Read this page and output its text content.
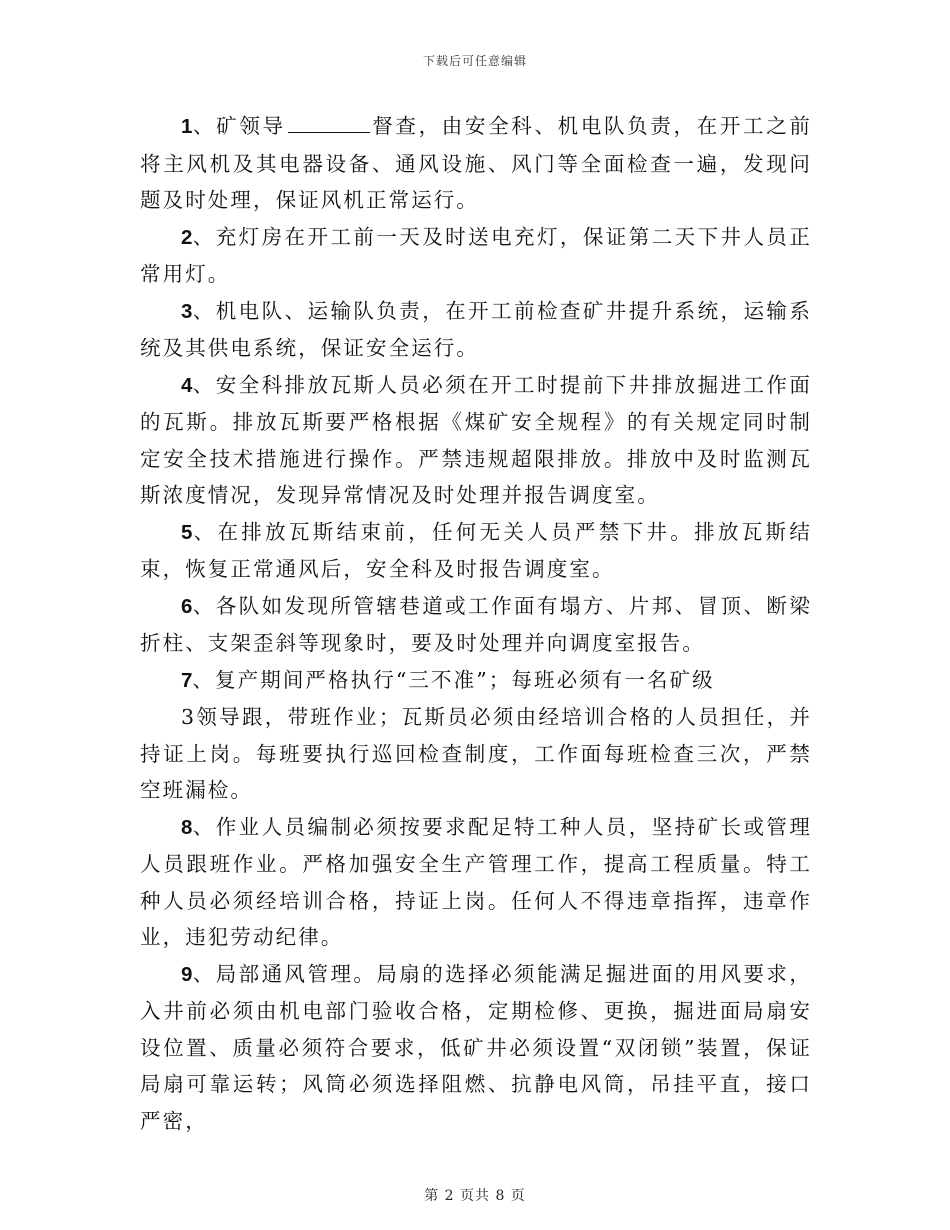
下载后可任意编辑

1、矿领导	督查，由安全科、机电队负责，在开工之前将主风机及其电器设备、通风设施、风门等全面检查一遍，发现问题及时处理，保证风机正常运行。

2、充灯房在开工前一天及时送电充灯，保证第二天下井人员正常用灯。

3、机电队、运输队负责，在开工前检查矿井提升系统，运输系统及其供电系统，保证安全运行。

4、安全科排放瓦斯人员必须在开工时提前下井排放掘进工作面的瓦斯。排放瓦斯要严格根据《煤矿安全规程》的有关规定同时制定安全技术措施进行操作。严禁违规超限排放。排放中及时监测瓦斯浓度情况，发现异常情况及时处理并报告调度室。

5、在排放瓦斯结束前，任何无关人员严禁下井。排放瓦斯结束，恢复正常通风后，安全科及时报告调度室。

6、各队如发现所管辖巷道或工作面有塌方、片邦、冒顶、断梁折柱、支架歪斜等现象时，要及时处理并向调度室报告。

7、复产期间严格执行“三不准”；每班必须有一名矿级

3领导跟，带班作业；瓦斯员必须由经培训合格的人员担任，并持证上岗。每班要执行巡回检查制度，工作面每班检查三次，严禁空班漏检。

8、作业人员编制必须按要求配足特工种人员，坚持矿长或管理人员跟班作业。严格加强安全生产管理工作，提高工程质量。特工种人员必须经培训合格，持证上岗。任何人不得违章指挥，违章作业，违犯劳动纪律。

9、局部通风管理。局扇的选择必须能满足掘进面的用风要求，入井前必须由机电部门验收合格，定期检修、更换，掘进面局扇安设位置、质量必须符合要求，低矿井必须设置“双闭锁”装置，保证局扇可靠运转；风筒必须选择阻燃、抗静电风筒，吊挂平直，接口严密，

第 2 页共 8 页
